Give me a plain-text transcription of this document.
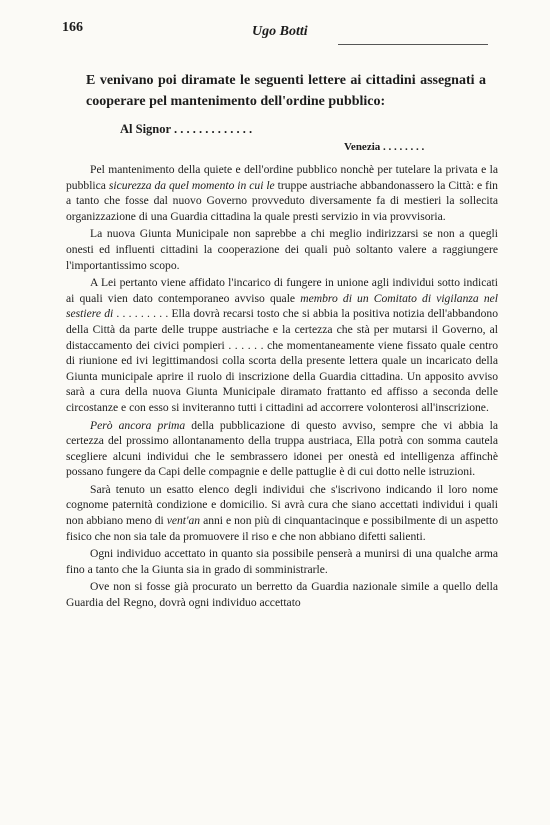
166	Ugo Botti
E venivano poi diramate le seguenti lettere ai cittadini assegnati a cooperare pel mantenimento dell'ordine pubblico:
Al Signor . . . . . . . . . . . . .
Venezia . . . . . . . .

Pel mantenimento della quiete e dell'ordine pubblico nonchè per tutelare la privata e la pubblica sicurezza da quel momento in cui le truppe austriache abbandonassero la Città: e fin a tanto che fosse dal nuovo Governo provveduto diversamente fa di mestieri la sollecita organizzazione di una Guardia cittadina la quale presti servizio in via provvisoria.

La nuova Giunta Municipale non saprebbe a chi meglio indirizzarsi se non a quegli onesti ed influenti cittadini la cooperazione dei quali può soltanto valere a raggiungere l'importantissimo scopo.

A Lei pertanto viene affidato l'incarico di fungere in unione agli individui sotto indicati ai quali vien dato contemporaneo avviso quale membro di un Comitato di vigilanza nel sestiere di . . . . . . . . . Ella dovrà recarsi tosto che si abbia la positiva notizia dell'abbandono della Città da parte delle truppe austriache e la certezza che stà per mutarsi il Governo, al distaccamento dei civici pompieri . . . . . . che momentaneamente viene fissato quale centro di riunione ed ivi legittimandosi colla scorta della presente lettera quale un incaricato della Giunta municipale aprire il ruolo di inscrizione della Guardia cittadina. Un apposito avviso sarà a cura della nuova Giunta Municipale diramato frattanto ed affisso a seconda delle circostanze e con esso si inviteranno tutti i cittadini ad accorrere volonterosi all'inscrizione.

Però ancora prima della pubblicazione di questo avviso, sempre che vi abbia la certezza del prossimo allontanamento della truppa austriaca, Ella potrà con somma cautela scegliere alcuni individui che le sembrassero idonei per onestà ed intelligenza affinchè possano fungere da Capi delle compagnie e delle pattuglie è di cui dotto nelle istruzioni.

Sarà tenuto un esatto elenco degli individui che s'iscrivono indicando il loro nome cognome paternità condizione e domicilio. Si avrà cura che siano accettati individui i quali non abbiano meno di vent'an anni e non più di cinquantacinque e possibilmente di un aspetto fisico che non sia tale da promuovere il riso e che non abbiano difetti salienti.

Ogni individuo accettato in quanto sia possibile penserà a munirsi di una qualche arma fino a tanto che la Giunta sia in grado di somministrarle.

Ove non si fosse già procurato un berretto da Guardia nazionale simile a quello della Guardia del Regno, dovrà ogni individuo accettato
